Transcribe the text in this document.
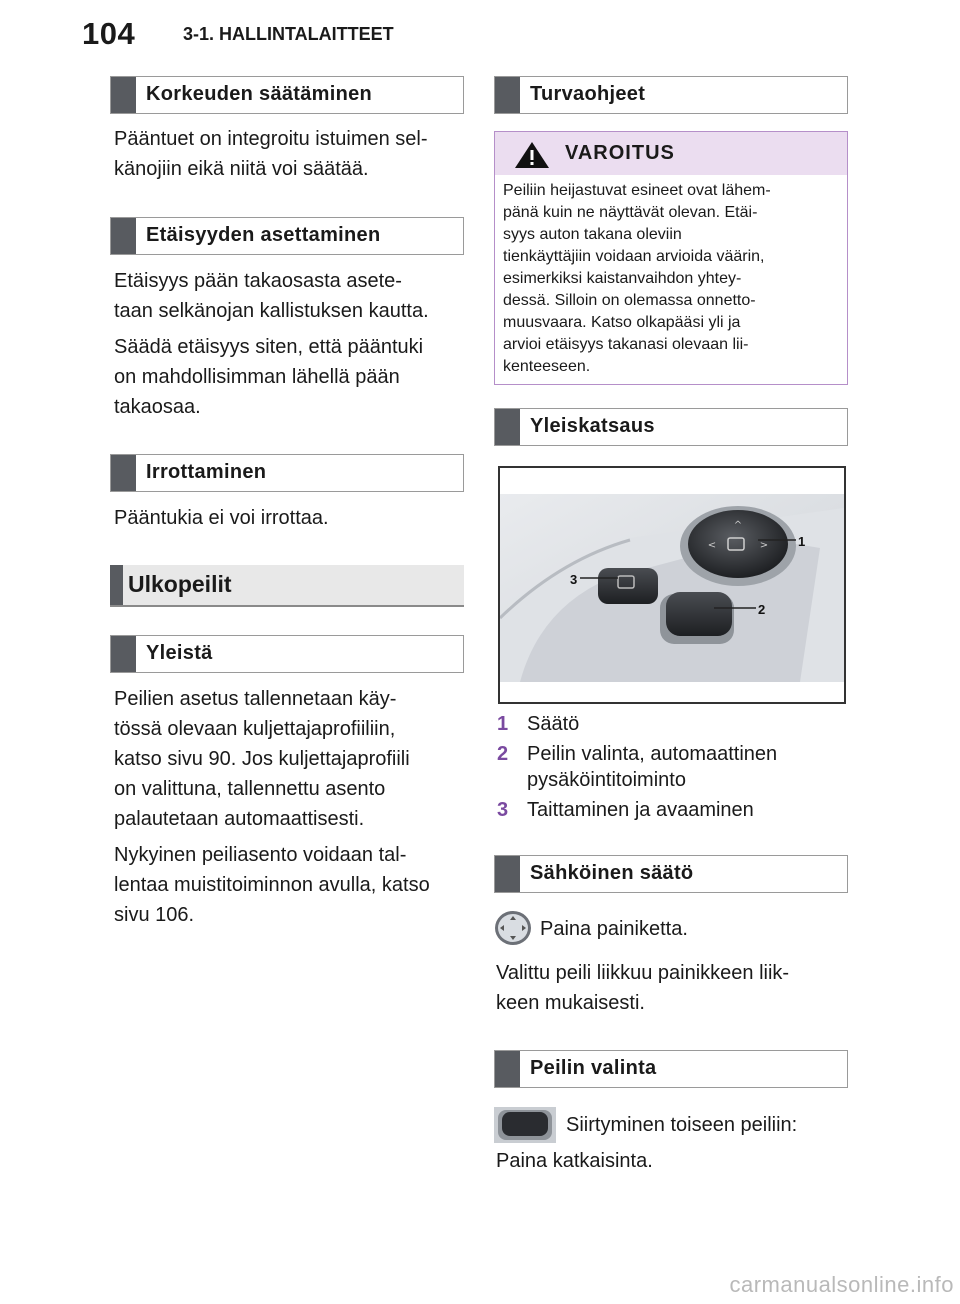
104	3-1. HALLINTALAITTEET
Korkeuden säätäminen
Pääntuet on integroitu istuimen sel-
känojiin eikä niitä voi säätää.
Etäisyyden asettaminen
Etäisyys pään takaosasta asete-
taan selkänojan kallistuksen kautta.
Säädä etäisyys siten, että pääntuki
on mahdollisimman lähellä pään
takaosaa.
Irrottaminen
Pääntukia ei voi irrottaa.
Ulkopeilit
Yleistä
Peilien asetus tallennetaan käy-
tössä olevaan kuljettajaprofiiliin,
katso sivu 90. Jos kuljettajaprofiili
on valittuna, tallennettu asento
palautetaan automaattisesti.
Nykyinen peiliasento voidaan tal-
lentaa muistitoiminnon avulla, katso
sivu 106.
Turvaohjeet
VAROITUS
Peiliin heijastuvat esineet ovat lähem-
pänä kuin ne näyttävät olevan. Etäi-
syys auton takana oleviin
tienkäyttäjiin voidaan arvioida väärin,
esimerkiksi kaistanvaihdon yhtey-
dessä. Silloin on olemassa onnetto-
muusvaara. Katso olkapääsi yli ja
arvioi etäisyys takanasi olevaan lii-
kenteeseen.
Yleiskatsaus
^
<	> 1
3
2
1 Säätö
2 Peilin valinta, automaattinen
pysäköintitoiminto
3 Taittaminen ja avaaminen
Sähköinen säätö
Paina painiketta.
Valittu peili liikkuu painikkeen liik-
keen mukaisesti.
Peilin valinta
Siirtyminen toiseen peiliin:
Paina katkaisinta.
carmanualsonline.info
